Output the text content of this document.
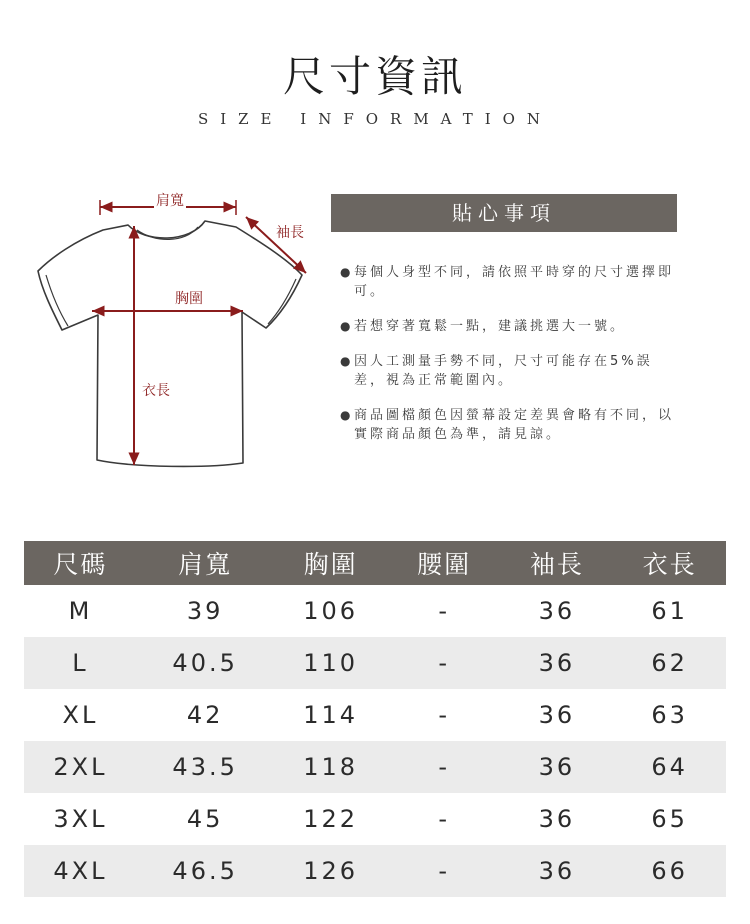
尺寸資訊
SIZE INFORMATION
肩寬
袖長
胸圍
衣長
貼心事項
● 每個人身型不同，請依照平時穿的尺寸選擇即可。
● 若想穿著寬鬆一點，建議挑選大一號。
● 因人工測量手勢不同，尺寸可能存在5%誤差，視為正常範圍內。
● 商品圖檔顏色因螢幕設定差異會略有不同，以實際商品顏色為準，請見諒。
尺碼	肩寬	胸圍	腰圍	袖長	衣長
M	39	106	-	36	61
L	40.5	110	-	36	62
XL	42	114	-	36	63
2XL	43.5	118	-	36	64
3XL	45	122	-	36	65
4XL	46.5	126	-	36	66
